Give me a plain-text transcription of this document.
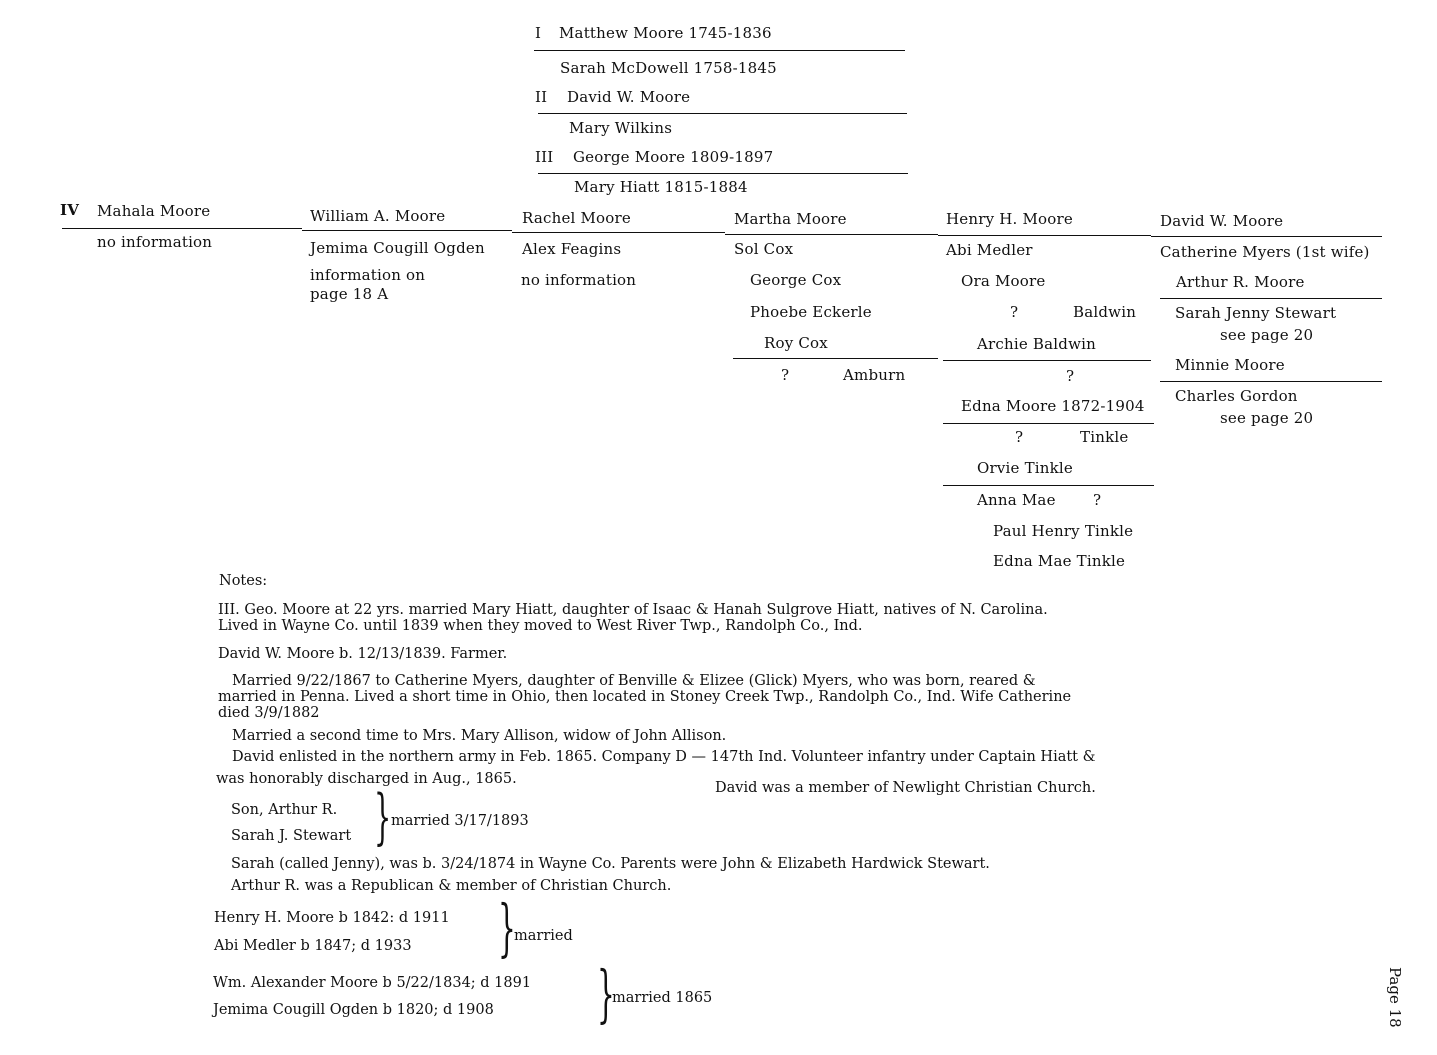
I Matthew Moore 1745-1836
Sarah McDowell 1758-1845
II David W. Moore
Mary Wilkins
III George Moore 1809-1897
Mary Hiatt 1815-1884
IV Mahala Moore
no information
William A. Moore
Jemima Cougill Ogden
information on
page 18 A
Rachel Moore
Alex Feagins
no information
Martha Moore
Sol Cox
George Cox
Phoebe Eckerle
Roy Cox
?	Amburn
Henry H. Moore
Abi Medler
Ora Moore
?	Baldwin
Archie Baldwin
?
Edna Moore 1872-1904
?	Tinkle
Orvie Tinkle
Anna Mae ?
Paul Henry Tinkle
Edna Mae Tinkle
David W. Moore
Catherine Myers (1st wife)
Arthur R. Moore
Sarah Jenny Stewart
see page 20
Minnie Moore
Charles Gordon
see page 20
Notes:
III. Geo. Moore at 22 yrs. married Mary Hiatt, daughter of Isaac & Hanah Sulgrove Hiatt, natives of N. Carolina.
Lived in Wayne Co. until 1839 when they moved to West River Twp., Randolph Co., Ind.
David W. Moore b. 12/13/1839. Farmer.
Married 9/22/1867 to Catherine Myers, daughter of Benville & Elizee (Glick) Myers, who was born, reared &
married in Penna. Lived a short time in Ohio, then located in Stoney Creek Twp., Randolph Co., Ind. Wife Catherine
died 3/9/1882
Married a second time to Mrs. Mary Allison, widow of John Allison.
David enlisted in the northern army in Feb. 1865. Company D — 147th Ind. Volunteer infantry under Captain Hiatt &
was honorably discharged in Aug., 1865.
David was a member of Newlight Christian Church.
Son, Arthur R.
Sarah J. Stewart } married 3/17/1893
Sarah (called Jenny), was b. 3/24/1874 in Wayne Co. Parents were John & Elizabeth Hardwick Stewart.
Arthur R. was a Republican & member of Christian Church.
Henry H. Moore b 1842: d 1911
Abi Medler b 1847; d 1933 }
married
Wm. Alexander Moore b 5/22/1834; d 1891
Jemima Cougill Ogden b 1820; d 1908 }
married 1865	Page 18
